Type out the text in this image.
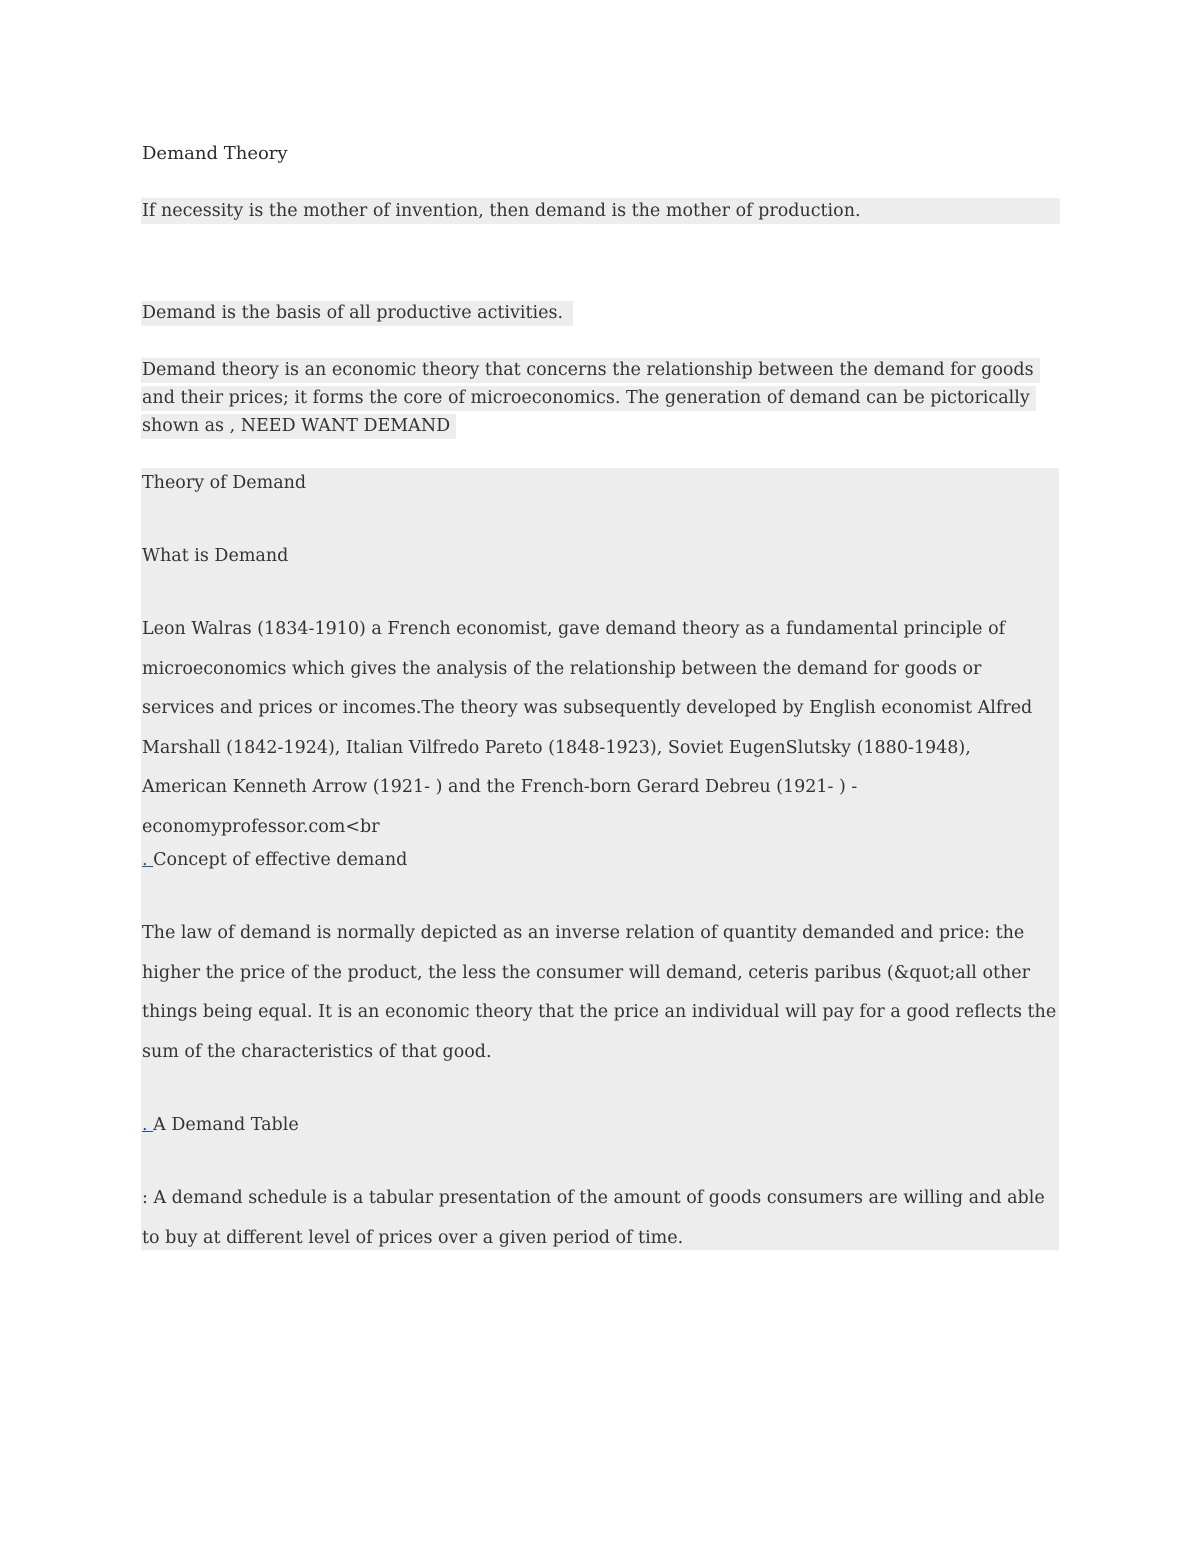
Demand Theory
If necessity is the mother of invention, then demand is the mother of production.
Demand is the basis of all productive activities.
Demand theory is an economic theory that concerns the relationship between the demand for goods and their prices; it forms the core of microeconomics. The generation of demand can be pictorically shown as , NEED WANT DEMAND
Theory of Demand
What is Demand
Leon Walras (1834-1910) a French economist, gave demand theory as a fundamental principle of microeconomics which gives the analysis of the relationship between the demand for goods or services and prices or incomes.The theory was subsequently developed by English economist Alfred Marshall (1842-1924), Italian Vilfredo Pareto (1848-1923), Soviet EugenSlutsky (1880-1948), American Kenneth Arrow (1921- ) and the French-born Gerard Debreu (1921- ) -economyprofessor.com<br
. Concept of effective demand
The law of demand is normally depicted as an inverse relation of quantity demanded and price: the higher the price of the product, the less the consumer will demand, ceteris paribus (&quot;all other things being equal. It is an economic theory that the price an individual will pay for a good reflects the sum of the characteristics of that good.
. A Demand Table
: A demand schedule is a tabular presentation of the amount of goods consumers are willing and able to buy at different level of prices over a given period of time.
